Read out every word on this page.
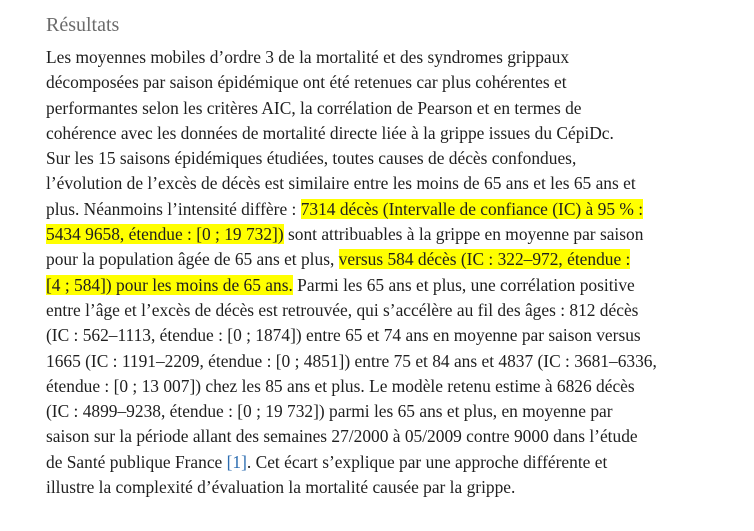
Résultats
Les moyennes mobiles d’ordre 3 de la mortalité et des syndromes grippaux
décomposées par saison épidémique ont été retenues car plus cohérentes et
performantes selon les critères AIC, la corrélation de Pearson et en termes de
cohérence avec les données de mortalité directe liée à la grippe issues du CépiDc.
Sur les 15 saisons épidémiques étudiées, toutes causes de décès confondues,
l’évolution de l’excès de décès est similaire entre les moins de 65 ans et les 65 ans et
plus. Néanmoins l’intensité diffère : 7314 décès (Intervalle de confiance (IC) à 95 % :
5434 9658, étendue : [0 ; 19 732]) sont attribuables à la grippe en moyenne par saison
pour la population âgée de 65 ans et plus, versus 584 décès (IC : 322–972, étendue :
[4 ; 584]) pour les moins de 65 ans. Parmi les 65 ans et plus, une corrélation positive
entre l’âge et l’excès de décès est retrouvée, qui s’accélère au fil des âges : 812 décès
(IC : 562–1113, étendue : [0 ; 1874]) entre 65 et 74 ans en moyenne par saison versus
1665 (IC : 1191–2209, étendue : [0 ; 4851]) entre 75 et 84 ans et 4837 (IC : 3681–6336,
étendue : [0 ; 13 007]) chez les 85 ans et plus. Le modèle retenu estime à 6826 décès
(IC : 4899–9238, étendue : [0 ; 19 732]) parmi les 65 ans et plus, en moyenne par
saison sur la période allant des semaines 27/2000 à 05/2009 contre 9000 dans l’étude
de Santé publique France [1]. Cet écart s’explique par une approche différente et
illustre la complexité d’évaluation la mortalité causée par la grippe.
